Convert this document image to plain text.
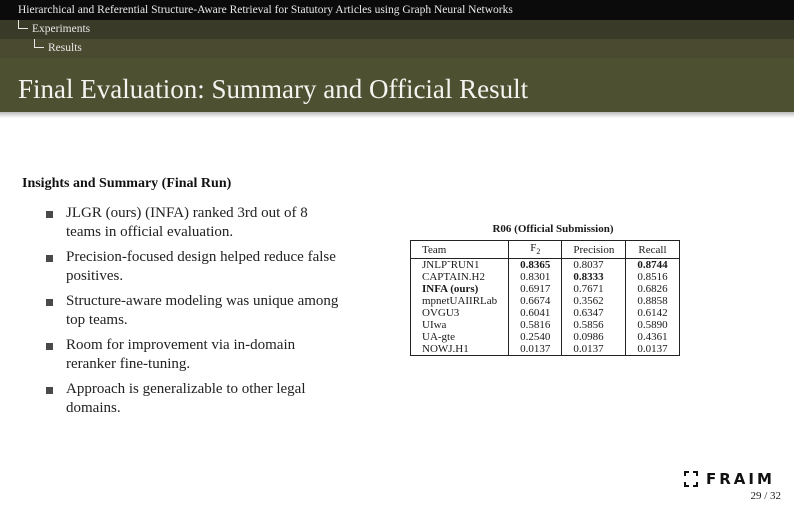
Hierarchical and Referential Structure-Aware Retrieval for Statutory Articles using Graph Neural Networks
Experiments
Results
Final Evaluation: Summary and Official Result
Insights and Summary (Final Run)
JLGR (ours) (INFA) ranked 3rd out of 8 teams in official evaluation.
Precision-focused design helped reduce false positives.
Structure-aware modeling was unique among top teams.
Room for improvement via in-domain reranker fine-tuning.
Approach is generalizable to other legal domains.
R06 (Official Submission)
Team	$F_2$	Precision	Recall
JNLP˜RUN1	0.8365	0.8037	0.8744
CAPTAIN.H2	0.8301	0.8333	0.8516
INFA (ours)	0.6917	0.7671	0.6826
mpnetUAIIRLab	0.6674	0.3562	0.8858
OVGU3	0.6041	0.6347	0.6142
UIwa	0.5816	0.5856	0.5890
UA-gte	0.2540	0.0986	0.4361
NOWJ.H1	0.0137	0.0137	0.0137
FRAIM
29 / 32
